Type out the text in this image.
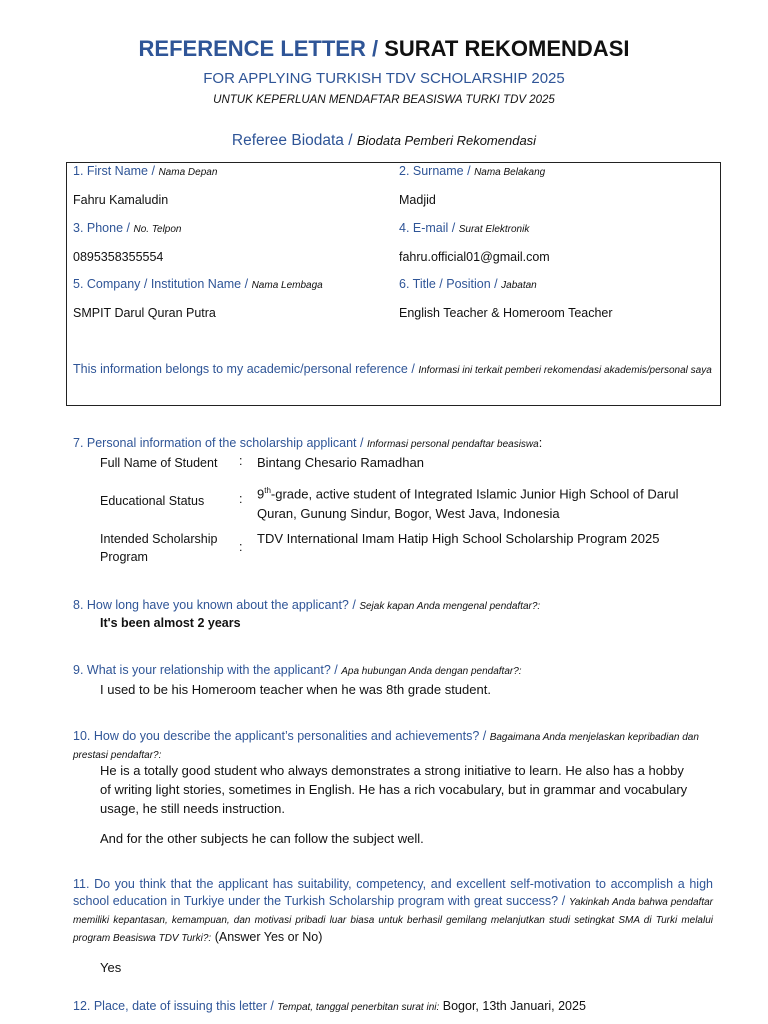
REFERENCE LETTER / SURAT REKOMENDASI
FOR APPLYING TURKISH TDV SCHOLARSHIP 2025
UNTUK KEPERLUAN MENDAFTAR BEASISWA TURKI TDV 2025
Referee Biodata / Biodata Pemberi Rekomendasi
1. First Name / Nama Depan
Fahru Kamaludin
2. Surname / Nama Belakang
Madjid
3. Phone / No. Telpon
0895358355554
4. E-mail / Surat Elektronik
fahru.official01@gmail.com
5. Company / Institution Name / Nama Lembaga
SMPIT Darul Quran Putra
6. Title / Position / Jabatan
English Teacher & Homeroom Teacher
This information belongs to my academic/personal reference / Informasi ini terkait pemberi rekomendasi akademis/personal saya
7. Personal information of the scholarship applicant / Informasi personal pendaftar beasiswa:
Full Name of Student : Bintang Chesario Ramadhan
Educational Status	: 9th-grade, active student of Integrated Islamic Junior High School of Darul Quran, Gunung Sindur, Bogor, West Java, Indonesia
Intended Scholarship Program
:
TDV International Imam Hatip High School Scholarship Program 2025
8. How long have you known about the applicant? / Sejak kapan Anda mengenal pendaftar?:
It's been almost 2 years
9. What is your relationship with the applicant? / Apa hubungan Anda dengan pendaftar?:
I used to be his Homeroom teacher when he was 8th grade student.
10. How do you describe the applicant’s personalities and achievements? / Bagaimana Anda menjelaskan kepribadian dan prestasi pendaftar?:
He is a totally good student who always demonstrates a strong initiative to learn. He also has a hobby of writing light stories, sometimes in English. He has a rich vocabulary, but in grammar and vocabulary usage, he still needs instruction.
And for the other subjects he can follow the subject well.
11. Do you think that the applicant has suitability, competency, and excellent self-motivation to accomplish a high school education in Turkiye under the Turkish Scholarship program with great success? / Yakinkah Anda bahwa pendaftar memiliki kepantasan, kemampuan, dan motivasi pribadi luar biasa untuk berhasil gemilang melanjutkan studi setingkat SMA di Turki melalui program Beasiswa TDV Turki?: (Answer Yes or No)
Yes
12. Place, date of issuing this letter / Tempat, tanggal penerbitan surat ini: Bogor, 13th Januari, 2025
